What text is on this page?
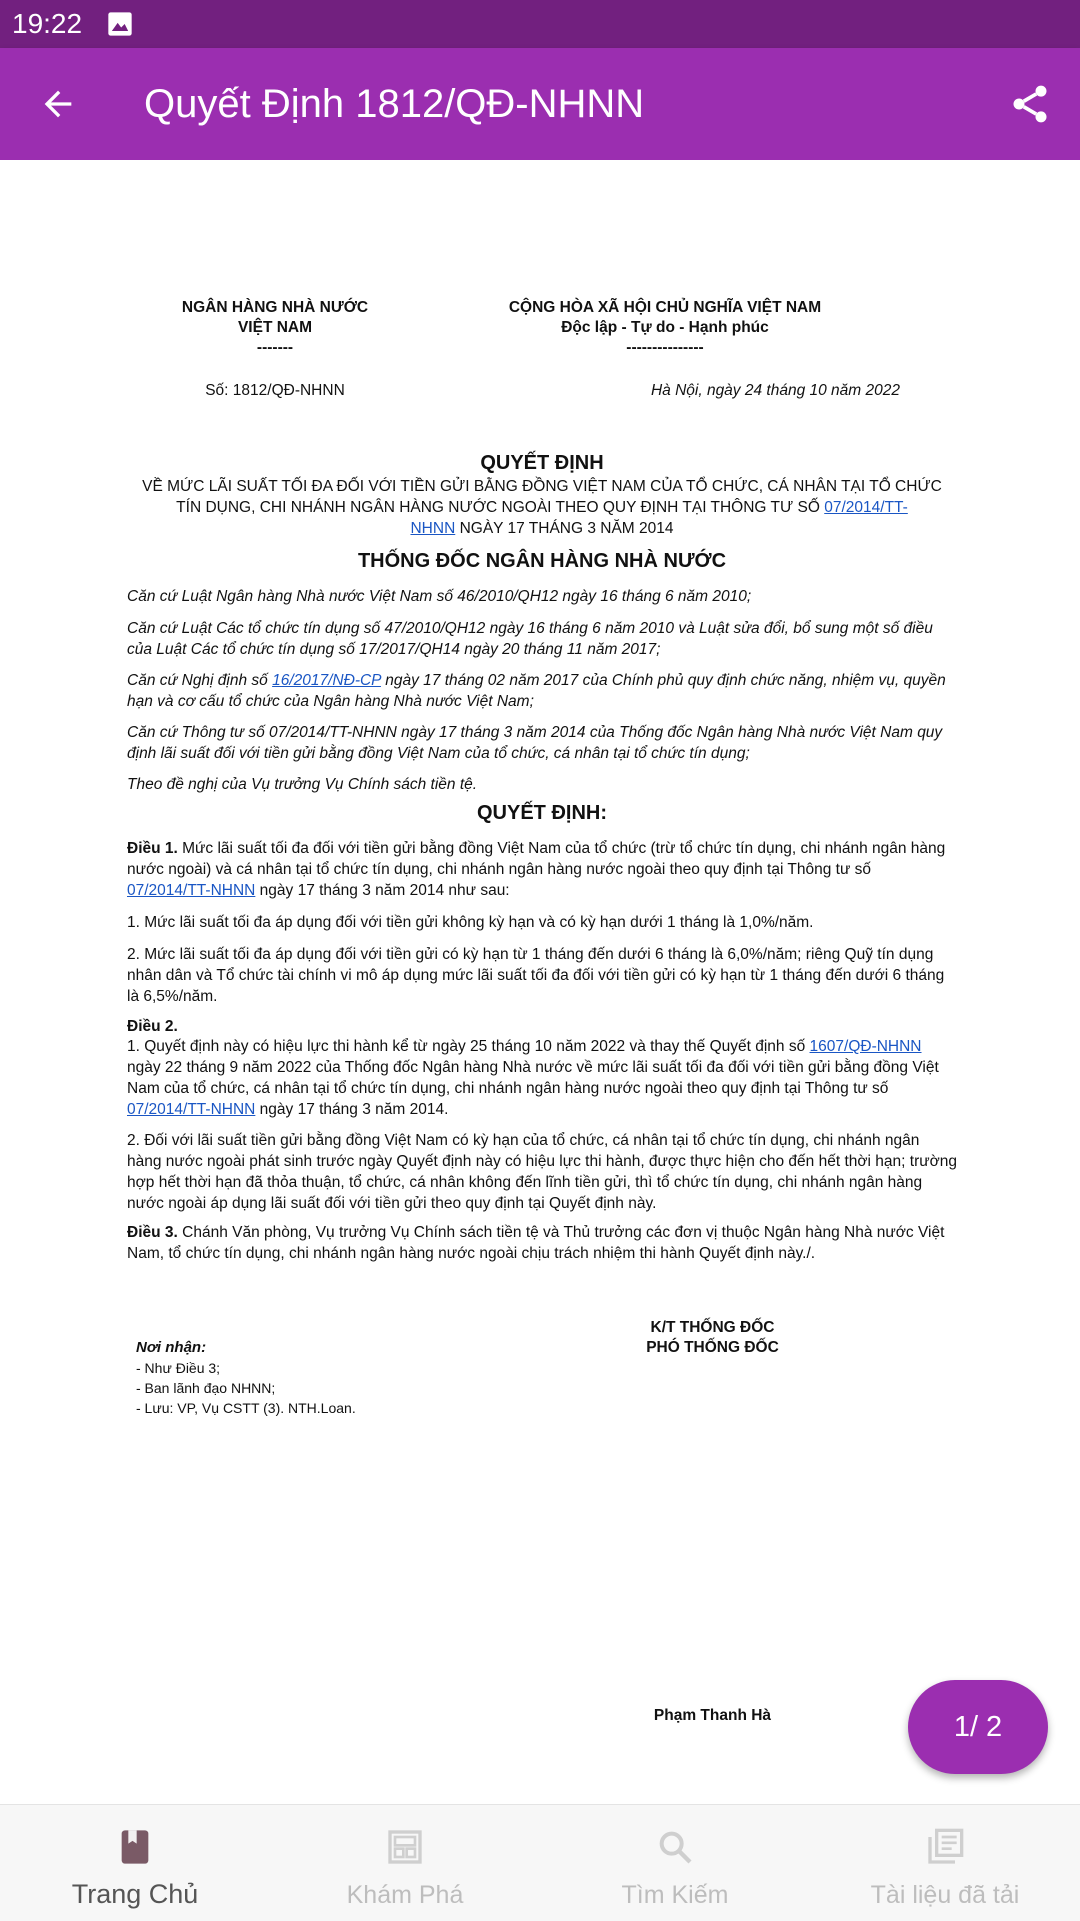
19:22
Quyết Định 1812/QĐ-NHNN
NGÂN HÀNG NHÀ NƯỚC
VIỆT NAM
-------
CỘNG HÒA XÃ HỘI CHỦ NGHĨA VIỆT NAM
Độc lập - Tự do - Hạnh phúc
---------------
Số: 1812/QĐ-NHNN	Hà Nội, ngày 24 tháng 10 năm 2022
QUYẾT ĐỊNH
VỀ MỨC LÃI SUẤT TỐI ĐA ĐỐI VỚI TIỀN GỬI BẰNG ĐỒNG VIỆT NAM CỦA TỔ CHỨC, CÁ NHÂN TẠI TỔ CHỨC
TÍN DỤNG, CHI NHÁNH NGÂN HÀNG NƯỚC NGOÀI THEO QUY ĐỊNH TẠI THÔNG TƯ SỐ 07/2014/TT-
NHNN NGÀY 17 THÁNG 3 NĂM 2014
THỐNG ĐỐC NGÂN HÀNG NHÀ NƯỚC
Căn cứ Luật Ngân hàng Nhà nước Việt Nam số 46/2010/QH12 ngày 16 tháng 6 năm 2010;
Căn cứ Luật Các tổ chức tín dụng số 47/2010/QH12 ngày 16 tháng 6 năm 2010 và Luật sửa đổi, bổ sung một số điều của Luật Các tổ chức tín dụng số 17/2017/QH14 ngày 20 tháng 11 năm 2017;
Căn cứ Nghị định số 16/2017/NĐ-CP ngày 17 tháng 02 năm 2017 của Chính phủ quy định chức năng, nhiệm vụ, quyền hạn và cơ cấu tổ chức của Ngân hàng Nhà nước Việt Nam;
Căn cứ Thông tư số 07/2014/TT-NHNN ngày 17 tháng 3 năm 2014 của Thống đốc Ngân hàng Nhà nước Việt Nam quy định lãi suất đối với tiền gửi bằng đồng Việt Nam của tổ chức, cá nhân tại tổ chức tín dụng;
Theo đề nghị của Vụ trưởng Vụ Chính sách tiền tệ.
QUYẾT ĐỊNH:
Điều 1. Mức lãi suất tối đa đối với tiền gửi bằng đồng Việt Nam của tổ chức (trừ tổ chức tín dụng, chi nhánh ngân hàng nước ngoài) và cá nhân tại tổ chức tín dụng, chi nhánh ngân hàng nước ngoài theo quy định tại Thông tư số 07/2014/TT-NHNN ngày 17 tháng 3 năm 2014 như sau:
1. Mức lãi suất tối đa áp dụng đối với tiền gửi không kỳ hạn và có kỳ hạn dưới 1 tháng là 1,0%/năm.
2. Mức lãi suất tối đa áp dụng đối với tiền gửi có kỳ hạn từ 1 tháng đến dưới 6 tháng là 6,0%/năm; riêng Quỹ tín dụng nhân dân và Tổ chức tài chính vi mô áp dụng mức lãi suất tối đa đối với tiền gửi có kỳ hạn từ 1 tháng đến dưới 6 tháng là 6,5%/năm.
Điều 2.
1. Quyết định này có hiệu lực thi hành kể từ ngày 25 tháng 10 năm 2022 và thay thế Quyết định số 1607/QĐ-NHNN ngày 22 tháng 9 năm 2022 của Thống đốc Ngân hàng Nhà nước về mức lãi suất tối đa đối với tiền gửi bằng đồng Việt Nam của tổ chức, cá nhân tại tổ chức tín dụng, chi nhánh ngân hàng nước ngoài theo quy định tại Thông tư số 07/2014/TT-NHNN ngày 17 tháng 3 năm 2014.
2. Đối với lãi suất tiền gửi bằng đồng Việt Nam có kỳ hạn của tổ chức, cá nhân tại tổ chức tín dụng, chi nhánh ngân hàng nước ngoài phát sinh trước ngày Quyết định này có hiệu lực thi hành, được thực hiện cho đến hết thời hạn; trường hợp hết thời hạn đã thỏa thuận, tổ chức, cá nhân không đến lĩnh tiền gửi, thì tổ chức tín dụng, chi nhánh ngân hàng nước ngoài áp dụng lãi suất đối với tiền gửi theo quy định tại Quyết định này.
Điều 3. Chánh Văn phòng, Vụ trưởng Vụ Chính sách tiền tệ và Thủ trưởng các đơn vị thuộc Ngân hàng Nhà nước Việt Nam, tổ chức tín dụng, chi nhánh ngân hàng nước ngoài chịu trách nhiệm thi hành Quyết định này./.
Nơi nhận:
- Như Điều 3;
- Ban lãnh đạo NHNN;
- Lưu: VP, Vụ CSTT (3). NTH.Loan.
K/T THỐNG ĐỐC
PHÓ THỐNG ĐỐC
Phạm Thanh Hà	1/ 2
Trang Chủ	Khám Phá	Tìm Kiếm	Tài liệu đã tải
